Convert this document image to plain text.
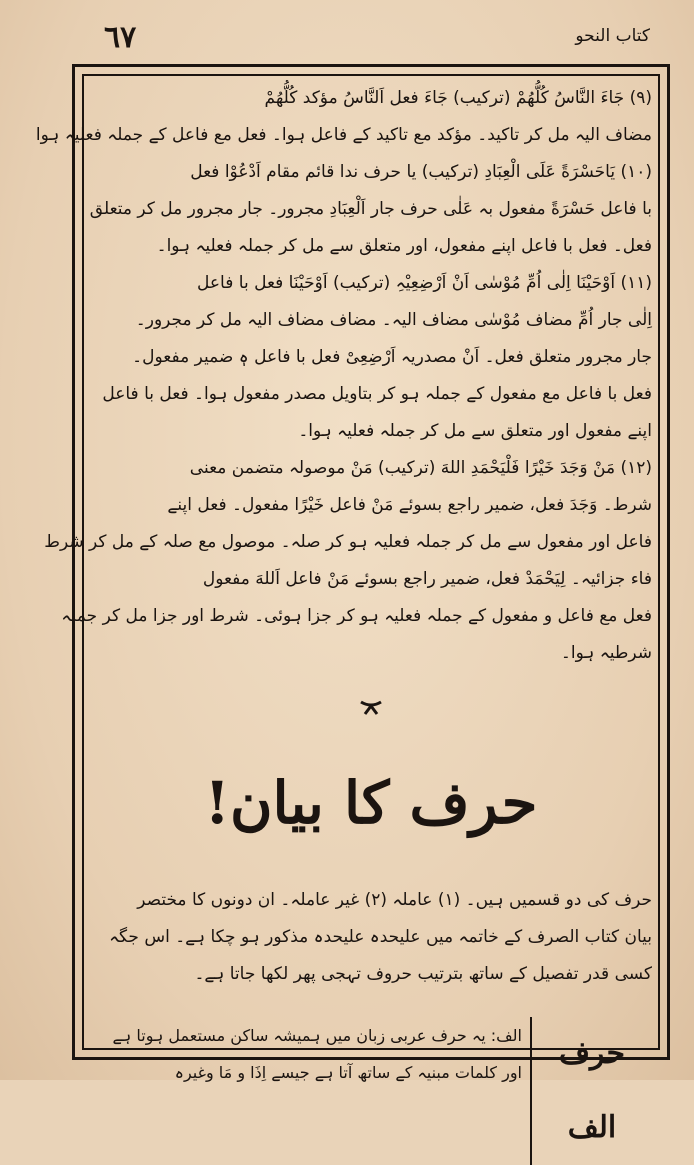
٦٧	کتاب النحو
(٩) جَاءَ النَّاسُ کُلُّھُمْ (ترکیب) جَاءَ فعل اَلنَّاسُ مؤکد کُلُّھُمْ
مضاف الیہ مل کر تاکید۔ مؤکد مع تاکید کے فاعل ہوا۔ فعل مع فاعل کے جملہ فعلیہ ہوا
(١٠) یَاحَسْرَةً عَلَی الْعِبَادِ (ترکیب) یا حرف ندا قائم مقام اَدْعُوْا فعل
با فاعل حَسْرَةً مفعول بہ عَلٰی حرف جار اَلْعِبَادِ مجرور۔ جار مجرور مل کر متعلق
فعل۔ فعل با فاعل اپنے مفعول، اور متعلق سے مل کر جملہ فعلیہ ہوا۔
(١١) اَوْحَیْنَا اِلٰی اُمِّ مُوْسٰی اَنْ اَرْضِعِیْہِ (ترکیب) اَوْحَیْنَا فعل با فاعل
اِلٰی جار اُمِّ مضاف مُوْسٰی مضاف الیہ۔ مضاف مضاف الیہ مل کر مجرور۔
جار مجرور متعلق فعل۔ اَنْ مصدریہ اَرْضِعِیْ فعل با فاعل ہٖ ضمیر مفعول۔
فعل با فاعل مع مفعول کے جملہ ہو کر بتاویل مصدر مفعول ہوا۔ فعل با فاعل
اپنے مفعول اور متعلق سے مل کر جملہ فعلیہ ہوا۔
(١٢) مَنْ وَجَدَ خَیْرًا فَلْیَحْمَدِ اللهَ (ترکیب) مَنْ موصولہ متضمن معنی
شرط۔ وَجَدَ فعل، ضمیر راجع بسوئے مَنْ فاعل خَیْرًا مفعول۔ فعل اپنے
فاعل اور مفعول سے مل کر جملہ فعلیہ ہو کر صلہ۔ موصول مع صلہ کے مل کر شرط
فاء جزائیہ۔ لِیَحْمَدْ فعل، ضمیر راجع بسوئے مَنْ فاعل اَللهَ مفعول
فعل مع فاعل و مفعول کے جملہ فعلیہ ہو کر جزا ہوئی۔ شرط اور جزا مل کر جملہ
شرطیہ ہوا۔
حرف کا بیان!
حرف کی دو قسمیں ہیں۔ (١) عاملہ (٢) غیر عاملہ۔ ان دونوں کا مختصر
بیان کتاب الصرف کے خاتمہ میں علیحدہ علیحدہ مذکور ہو چکا ہے۔ اس جگہ
کسی قدر تفصیل کے ساتھ بترتیب حروف تہجی پھر لکھا جاتا ہے۔
حرف الف
الف: یہ حرف عربی زبان میں ہمیشہ ساکن مستعمل ہوتا ہے
اور کلمات مبنیہ کے ساتھ آتا ہے جیسے اِذَا و مَا وغیرہ
